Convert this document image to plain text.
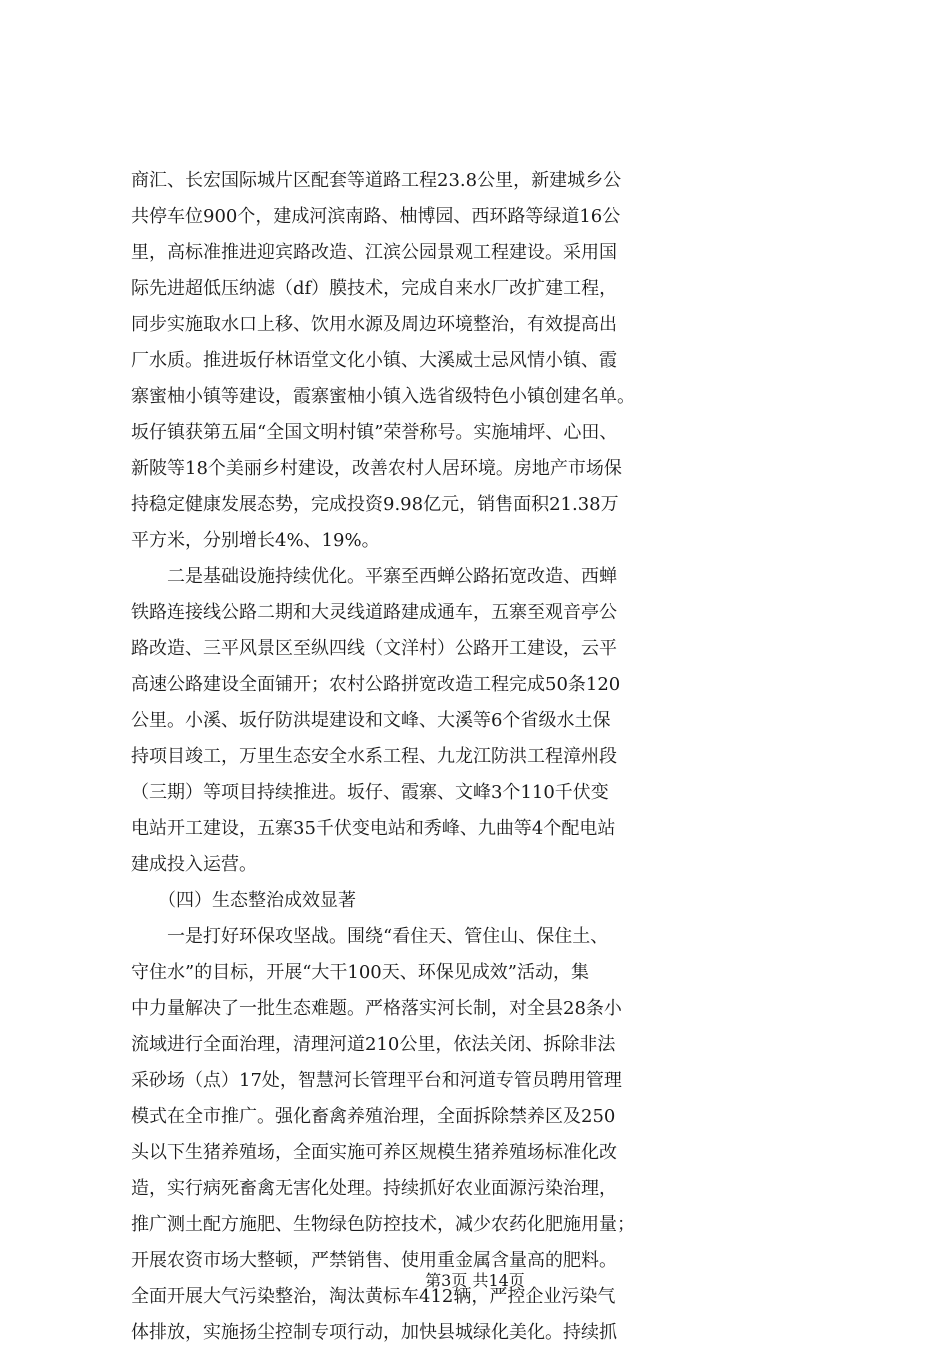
商汇、长宏国际城片区配套等道路工程23.8公里，新建城乡公
共停车位900个，建成河滨南路、柚博园、西环路等绿道16公
里，高标准推进迎宾路改造、江滨公园景观工程建设。采用国
际先进超低压纳滤（df）膜技术，完成自来水厂改扩建工程，
同步实施取水口上移、饮用水源及周边环境整治，有效提高出
厂水质。推进坂仔林语堂文化小镇、大溪威士忌风情小镇、霞
寨蜜柚小镇等建设，霞寨蜜柚小镇入选省级特色小镇创建名单。
坂仔镇获第五届“全国文明村镇”荣誉称号。实施埔坪、心田、
新陂等18个美丽乡村建设，改善农村人居环境。房地产市场保
持稳定健康发展态势，完成投资9.98亿元，销售面积21.38万
平方米，分别增长4%、19%。
　　二是基础设施持续优化。平寨至西蝉公路拓宽改造、西蝉
铁路连接线公路二期和大灵线道路建成通车，五寨至观音亭公
路改造、三平风景区至纵四线（文洋村）公路开工建设，云平
高速公路建设全面铺开；农村公路拼宽改造工程完成50条120
公里。小溪、坂仔防洪堤建设和文峰、大溪等6个省级水土保
持项目竣工，万里生态安全水系工程、九龙江防洪工程漳州段
（三期）等项目持续推进。坂仔、霞寨、文峰3个110千伏变
电站开工建设，五寨35千伏变电站和秀峰、九曲等4个配电站
建成投入运营。
　　（四）生态整治成效显著
　　一是打好环保攻坚战。围绕“看住天、管住山、保住土、
守住水”的目标，开展“大干100天、环保见成效”活动，集
中力量解决了一批生态难题。严格落实河长制，对全县28条小
流域进行全面治理，清理河道210公里，依法关闭、拆除非法
采砂场（点）17处，智慧河长管理平台和河道专管员聘用管理
模式在全市推广。强化畜禽养殖治理，全面拆除禁养区及250
头以下生猪养殖场，全面实施可养区规模生猪养殖场标准化改
造，实行病死畜禽无害化处理。持续抓好农业面源污染治理，
推广测土配方施肥、生物绿色防控技术，减少农药化肥施用量；
开展农资市场大整顿，严禁销售、使用重金属含量高的肥料。
全面开展大气污染整治，淘汰黄标车412辆，严控企业污染气
体排放，实施扬尘控制专项行动，加快县城绿化美化。持续抓
第3页 共14页
